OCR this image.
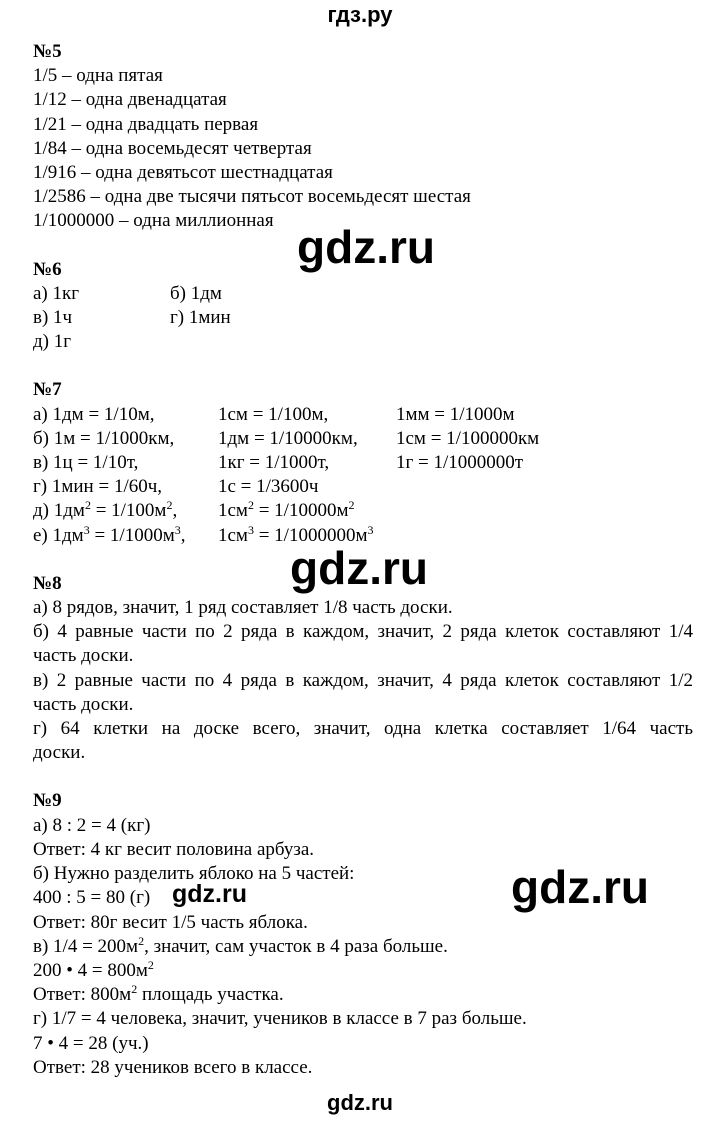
гдз.ру
№5
1/5 – одна пятая
1/12 – одна двенадцатая
1/21 – одна двадцать первая
1/84 – одна восемьдесят четвертая
1/916 – одна девятьсот шестнадцатая
1/2586 – одна две тысячи пятьсот восемьдесят шестая
1/1000000 – одна миллионная
№6
а) 1кг	б) 1дм
в) 1ч	г) 1мин
д) 1г
№7
а) 1дм = 1/10м,	1см = 1/100м,	1мм = 1/1000м
б) 1м = 1/1000км, 1дм = 1/10000км, 1см = 1/100000км
в) 1ц = 1/10т,	1кг = 1/1000т,	1г = 1/1000000т
г) 1мин = 1/60ч,	1с = 1/3600ч
д) $1дм^2 = 1/100м^2$, $1см^2 = 1/10000м^2$
е) $1дм^3 = 1/1000м^3$, $1см^3 = 1/1000000м^3$
№8
а) 8 рядов, значит, 1 ряд составляет 1/8 часть доски.
б) 4 равные части по 2 ряда в каждом, значит, 2 ряда клеток составляют 1/4
часть доски.
в) 2 равные части по 4 ряда в каждом, значит, 4 ряда клеток составляют 1/2
часть доски.
г) 64 клетки на доске всего, значит, одна клетка составляет 1/64 часть
доски.
№9
а) 8 : 2 = 4 (кг)
Ответ: 4 кг весит половина арбуза.
б) Нужно разделить яблоко на 5 частей:
400 : 5 = 80 (г)
Ответ: 80г весит 1/5 часть яблока.
в) $1/4 = 200м^2$, значит, сам участок в 4 раза больше.
200 • $4 = 800м^2$
Ответ: $800м^2$ площадь участка.
г) 1/7 = 4 человека, значит, учеников в классе в 7 раз больше.
7 • 4 = 28 (уч.)
Ответ: 28 учеников всего в классе.
gdz.ru
gdz.ru
gdz.ru
gdz.ru
gdz.ru
